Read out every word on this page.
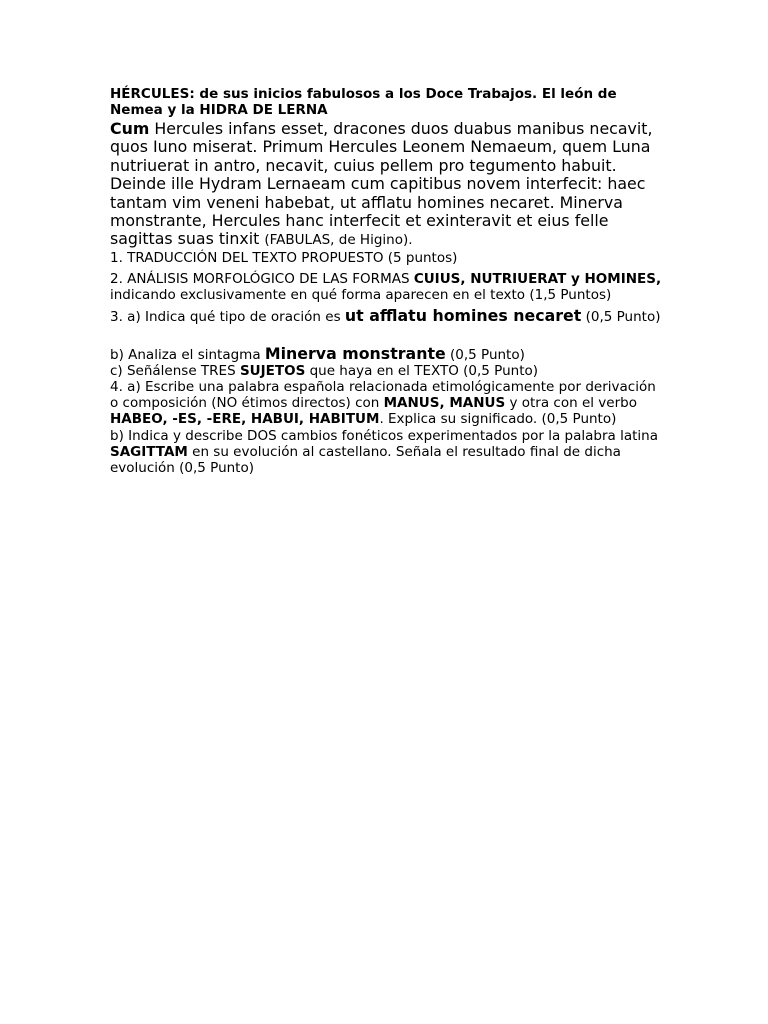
HÉRCULES: de sus inicios fabulosos a los Doce Trabajos. El león de Nemea y la HIDRA DE LERNA

Cum Hercules infans esset, dracones duos duabus manibus necavit, quos Iuno miserat. Primum Hercules Leonem Nemaeum, quem Luna nutriuerat in antro, necavit, cuius pellem pro tegumento habuit. Deinde ille Hydram Lernaeam cum capitibus novem interfecit: haec tantam vim veneni habebat, ut afflatu homines necaret. Minerva monstrante, Hercules hanc interfecit et exinteravit et eius felle sagittas suas tinxit (FABULAS, de Higino).

1. TRADUCCIÓN DEL TEXTO PROPUESTO (5 puntos)

2. ANÁLISIS MORFOLÓGICO DE LAS FORMAS CUIUS, NUTRIUERAT y HOMINES, indicando exclusivamente en qué forma aparecen en el texto (1,5 Puntos)

3. a) Indica qué tipo de oración es ut afflatu homines necaret (0,5 Punto)

b) Analiza el sintagma Minerva monstrante (0,5 Punto)

c) Señálense TRES SUJETOS que haya en el TEXTO (0,5 Punto)

4. a) Escribe una palabra española relacionada etimológicamente por derivación o composición (NO étimos directos) con MANUS, MANUS y otra con el verbo HABEO, -ES, -ERE, HABUI, HABITUM. Explica su significado. (0,5 Punto)

b) Indica y describe DOS cambios fonéticos experimentados por la palabra latina SAGITTAM en su evolución al castellano. Señala el resultado final de dicha evolución (0,5 Punto)
